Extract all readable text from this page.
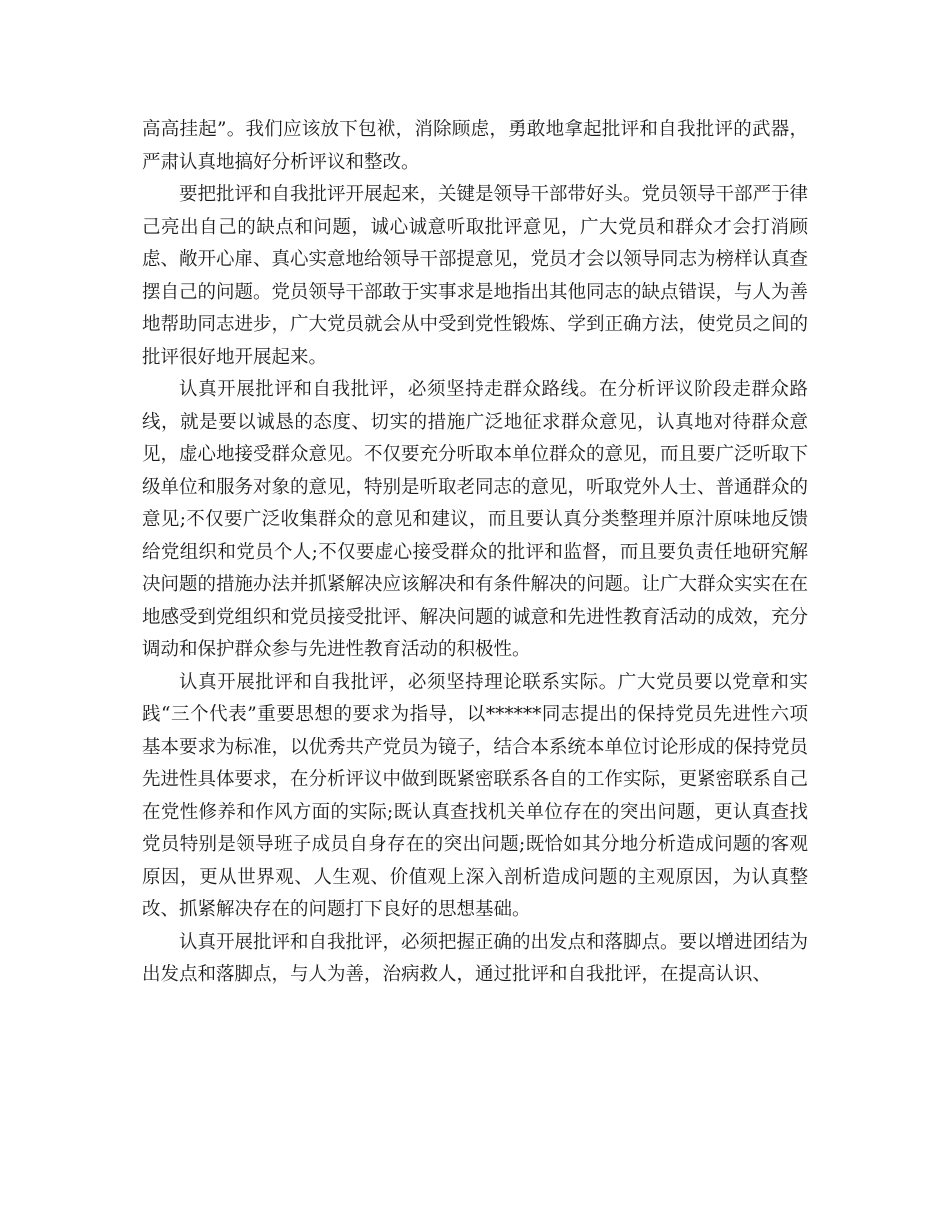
高高挂起”。我们应该放下包袱，消除顾虑，勇敢地拿起批评和自我批评的武器，严肃认真地搞好分析评议和整改。

要把批评和自我批评开展起来，关键是领导干部带好头。党员领导干部严于律己亮出自己的缺点和问题，诚心诚意听取批评意见，广大党员和群众才会打消顾虑、敞开心扉、真心实意地给领导干部提意见，党员才会以领导同志为榜样认真查摆自己的问题。党员领导干部敢于实事求是地指出其他同志的缺点错误，与人为善地帮助同志进步，广大党员就会从中受到党性锻炼、学到正确方法，使党员之间的批评很好地开展起来。

认真开展批评和自我批评，必须坚持走群众路线。在分析评议阶段走群众路线，就是要以诚恳的态度、切实的措施广泛地征求群众意见，认真地对待群众意见，虚心地接受群众意见。不仅要充分听取本单位群众的意见，而且要广泛听取下级单位和服务对象的意见，特别是听取老同志的意见，听取党外人士、普通群众的意见;不仅要广泛收集群众的意见和建议，而且要认真分类整理并原汁原味地反馈给党组织和党员个人;不仅要虚心接受群众的批评和监督，而且要负责任地研究解决问题的措施办法并抓紧解决应该解决和有条件解决的问题。让广大群众实实在在地感受到党组织和党员接受批评、解决问题的诚意和先进性教育活动的成效，充分调动和保护群众参与先进性教育活动的积极性。

认真开展批评和自我批评，必须坚持理论联系实际。广大党员要以党章和实践“三个代表”重要思想的要求为指导，以******同志提出的保持党员先进性六项基本要求为标准，以优秀共产党员为镜子，结合本系统本单位讨论形成的保持党员先进性具体要求，在分析评议中做到既紧密联系各自的工作实际，更紧密联系自己在党性修养和作风方面的实际;既认真查找机关单位存在的突出问题，更认真查找党员特别是领导班子成员自身存在的突出问题;既恰如其分地分析造成问题的客观原因，更从世界观、人生观、价值观上深入剖析造成问题的主观原因，为认真整改、抓紧解决存在的问题打下良好的思想基础。

认真开展批评和自我批评，必须把握正确的出发点和落脚点。要以增进团结为出发点和落脚点，与人为善，治病救人，通过批评和自我批评，在提高认识、
